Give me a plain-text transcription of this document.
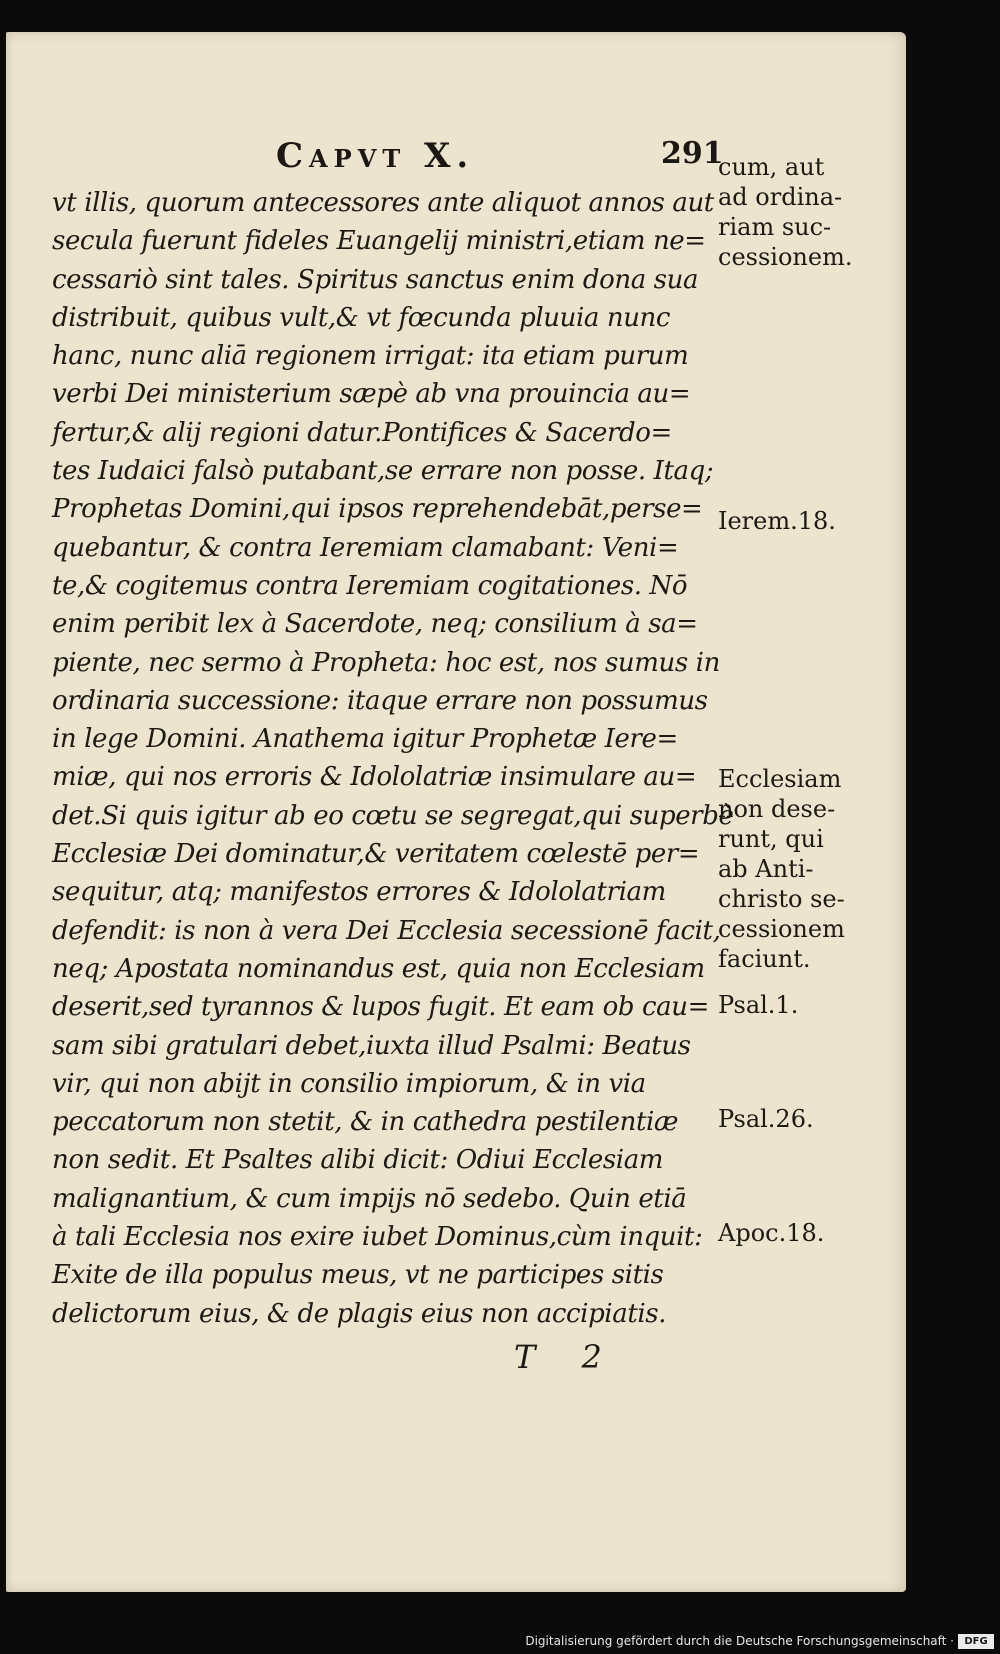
Capvt X.	291
vt illis, quorum antecessores ante aliquot annos aut
secula fuerunt fideles Euangelij ministri,etiam ne=
cessariò sint tales. Spiritus sanctus enim dona sua
distribuit, quibus vult,& vt fœcunda pluuia nunc
hanc, nunc aliā regionem irrigat: ita etiam purum
verbi Dei ministerium sæpè ab vna prouincia au=
fertur,& alij regioni datur.Pontifices & Sacerdo=
tes Iudaici falsò putabant,se errare non posse. Itaq;
Prophetas Domini,qui ipsos reprehendebāt,perse=
quebantur, & contra Ieremiam clamabant: Veni=
te,& cogitemus contra Ieremiam cogitationes. Nō
enim peribit lex à Sacerdote, neq; consilium à sa=
piente, nec sermo à Propheta: hoc est, nos sumus in
ordinaria successione: itaque errare non possumus
in lege Domini. Anathema igitur Prophetæ Iere=
miæ, qui nos erroris & Idololatriæ insimulare au=
det.Si quis igitur ab eo cœtu se segregat,qui superbè
Ecclesiæ Dei dominatur,& veritatem cœlestē per=
sequitur, atq; manifestos errores & Idololatriam
defendit: is non à vera Dei Ecclesia secessionē facit,
neq; Apostata nominandus est, quia non Ecclesiam
deserit,sed tyrannos & lupos fugit. Et eam ob cau=
sam sibi gratulari debet,iuxta illud Psalmi: Beatus
vir, qui non abijt in consilio impiorum, & in via
peccatorum non stetit, & in cathedra pestilentiæ
non sedit. Et Psaltes alibi dicit: Odiui Ecclesiam
malignantium, & cum impijs nō sedebo. Quin etiā
à tali Ecclesia nos exire iubet Dominus,cùm inquit:
Exite de illa populus meus, vt ne participes sitis
delictorum eius, & de plagis eius non accipiatis.
cum, aut
ad ordina-
riam suc-
cessionem.
Ierem.18.
Ecclesiam
non dese-
runt, qui
ab Anti-
christo se-
cessionem
faciunt.
Psal.1.
Psal.26.
Apoc.18.
T 2
Digitalisierung gefördert durch die Deutsche Forschungsgemeinschaft ·	DFG
